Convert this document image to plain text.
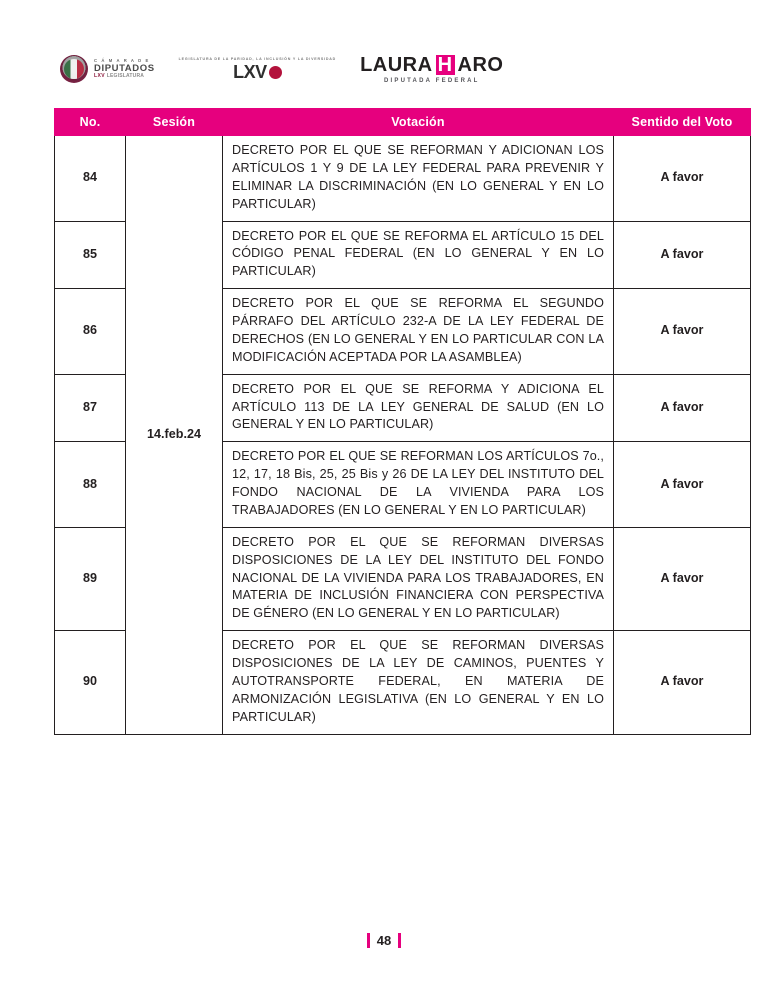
C Á M A R A D E
DIPUTADOS
LXV LEGISLATURA
LEGISLATURA DE LA PARIDAD, LA INCLUSIÓN Y LA DIVERSIDAD
LXV	LAURA H ARO
DIPUTADA FEDERAL
No.	Sesión	Votación	Sentido del Voto
84	14.feb.24	DECRETO POR EL QUE SE REFORMAN Y ADICIONAN LOS ARTÍCULOS 1 Y 9 DE LA LEY FEDERAL PARA PREVENIR Y ELIMINAR LA DISCRIMINACIÓN (EN LO GENERAL Y EN LO PARTICULAR)	A favor
85		DECRETO POR EL QUE SE REFORMA EL ARTÍCULO 15 DEL CÓDIGO PENAL FEDERAL (EN LO GENERAL Y EN LO PARTICULAR)	A favor
86		DECRETO POR EL QUE SE REFORMA EL SEGUNDO PÁRRAFO DEL ARTÍCULO 232-A DE LA LEY FEDERAL DE DERECHOS (EN LO GENERAL Y EN LO PARTICULAR CON LA MODIFICACIÓN ACEPTADA POR LA ASAMBLEA)	A favor
87		DECRETO POR EL QUE SE REFORMA Y ADICIONA EL ARTÍCULO 113 DE LA LEY GENERAL DE SALUD (EN LO GENERAL Y EN LO PARTICULAR)	A favor
88		DECRETO POR EL QUE SE REFORMAN LOS ARTÍCULOS 7o., 12, 17, 18 Bis, 25, 25 Bis y 26 DE LA LEY DEL INSTITUTO DEL FONDO NACIONAL DE LA VIVIENDA PARA LOS TRABAJADORES (EN LO GENERAL Y EN LO PARTICULAR)	A favor
89		DECRETO POR EL QUE SE REFORMAN DIVERSAS DISPOSICIONES DE LA LEY DEL INSTITUTO DEL FONDO NACIONAL DE LA VIVIENDA PARA LOS TRABAJADORES, EN MATERIA DE INCLUSIÓN FINANCIERA CON PERSPECTIVA DE GÉNERO (EN LO GENERAL Y EN LO PARTICULAR)	A favor
90		DECRETO POR EL QUE SE REFORMAN DIVERSAS DISPOSICIONES DE LA LEY DE CAMINOS, PUENTES Y AUTOTRANSPORTE FEDERAL, EN MATERIA DE ARMONIZACIÓN LEGISLATIVA (EN LO GENERAL Y EN LO PARTICULAR)	A favor
48
